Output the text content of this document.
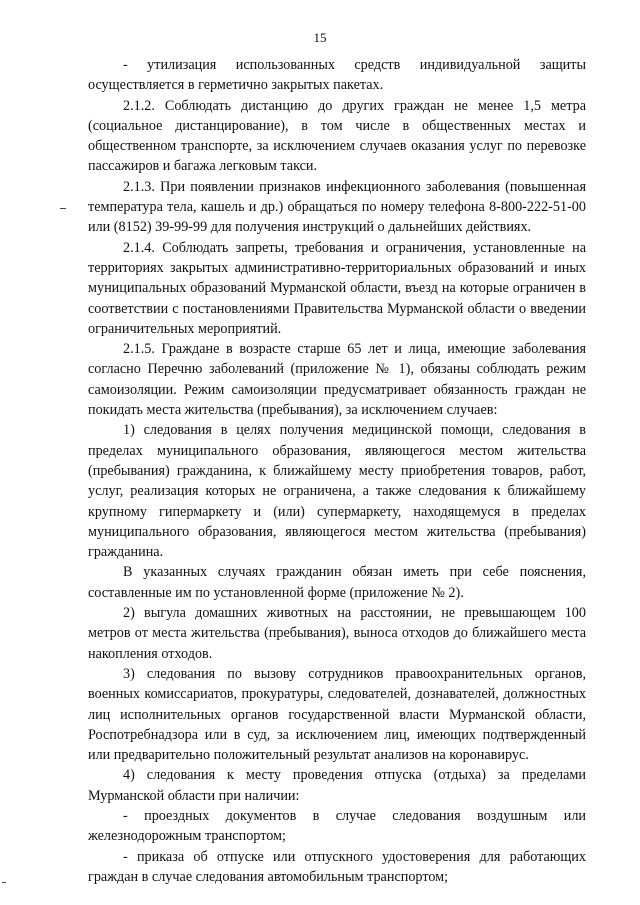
15

- утилизация использованных средств индивидуальной защиты осуществляется в герметично закрытых пакетах.

2.1.2. Соблюдать дистанцию до других граждан не менее 1,5 метра (социальное дистанцирование), в том числе в общественных местах и общественном транспорте, за исключением случаев оказания услуг по перевозке пассажиров и багажа легковым такси.

2.1.3. При появлении признаков инфекционного заболевания (повышенная температура тела, кашель и др.) обращаться по номеру телефона 8-800-222-51-00 или (8152) 39-99-99 для получения инструкций о дальнейших действиях.

2.1.4. Соблюдать запреты, требования и ограничения, установленные на территориях закрытых административно-территориальных образований и иных муниципальных образований Мурманской области, въезд на которые ограничен в соответствии с постановлениями Правительства Мурманской области о введении ограничительных мероприятий.

2.1.5. Граждане в возрасте старше 65 лет и лица, имеющие заболевания согласно Перечню заболеваний (приложение № 1), обязаны соблюдать режим самоизоляции. Режим самоизоляции предусматривает обязанность граждан не покидать места жительства (пребывания), за исключением случаев:

1) следования в целях получения медицинской помощи, следования в пределах муниципального образования, являющегося местом жительства (пребывания) гражданина, к ближайшему месту приобретения товаров, работ, услуг, реализация которых не ограничена, а также следования к ближайшему крупному гипермаркету и (или) супермаркету, находящемуся в пределах муниципального образования, являющегося местом жительства (пребывания) гражданина.

В указанных случаях гражданин обязан иметь при себе пояснения, составленные им по установленной форме (приложение № 2).

2) выгула домашних животных на расстоянии, не превышающем 100 метров от места жительства (пребывания), выноса отходов до ближайшего места накопления отходов.

3) следования по вызову сотрудников правоохранительных органов, военных комиссариатов, прокуратуры, следователей, дознавателей, должностных лиц исполнительных органов государственной власти Мурманской области, Роспотребнадзора или в суд, за исключением лиц, имеющих подтвержденный или предварительно положительный результат анализов на коронавирус.

4) следования к месту проведения отпуска (отдыха) за пределами Мурманской области при наличии:

- проездных документов в случае следования воздушным или железнодорожным транспортом;

- приказа об отпуске или отпускного удостоверения для работающих граждан в случае следования автомобильным транспортом;
